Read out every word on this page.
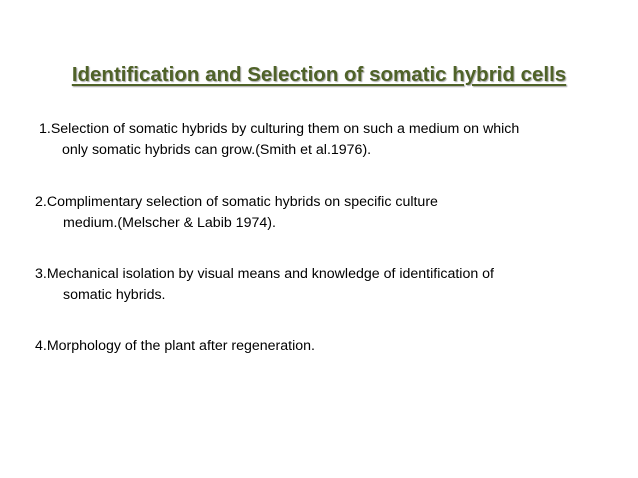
Identification and Selection of somatic hybrid cells
1.Selection of somatic hybrids by culturing them on such a medium on which
only somatic hybrids can grow.(Smith et al.1976).
2.Complimentary selection of somatic hybrids on specific culture
medium.(Melscher & Labib 1974).
3.Mechanical isolation by visual means and knowledge of identification of
somatic hybrids.
4.Morphology of the plant after regeneration.
